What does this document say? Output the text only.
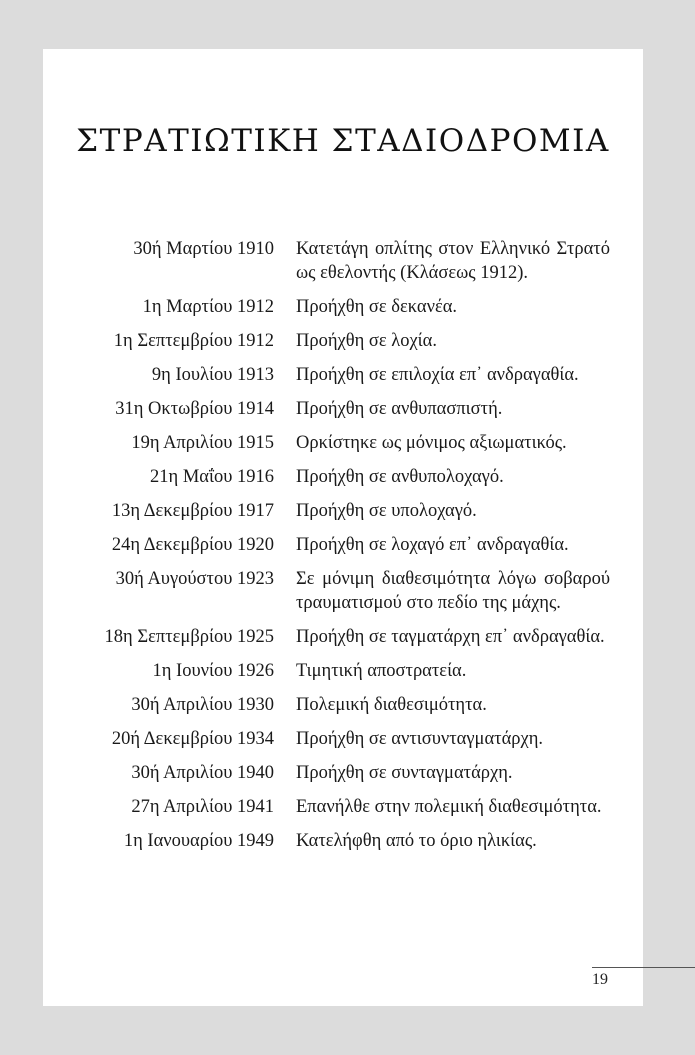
ΣΤΡΑΤΙΩΤΙΚΗ ΣΤΑΔΙΟΔΡΟΜΙΑ
30ή Μαρτίου 1910 Κατετάγη οπλίτης στον Ελληνικό Στρατό ως εθελοντής (Κλάσεως 1912).
1η Μαρτίου 1912 Προήχθη σε δεκανέα.
1η Σεπτεμβρίου 1912 Προήχθη σε λοχία.
9η Ιουλίου 1913 Προήχθη σε επιλοχία επ᾽ ανδραγαθία.
31η Οκτωβρίου 1914 Προήχθη σε ανθυπασπιστή.
19η Απριλίου 1915 Ορκίστηκε ως μόνιμος αξιωματικός.
21η Μαΐου 1916 Προήχθη σε ανθυπολοχαγό.
13η Δεκεμβρίου 1917 Προήχθη σε υπολοχαγό.
24η Δεκεμβρίου 1920 Προήχθη σε λοχαγό επ᾽ ανδραγαθία.
30ή Αυγούστου 1923 Σε μόνιμη διαθεσιμότητα λόγω σοβαρού τραυματισμού στο πεδίο της μάχης.
18η Σεπτεμβρίου 1925 Προήχθη σε ταγματάρχη επ᾽ ανδραγαθία.
1η Ιουνίου 1926 Τιμητική αποστρατεία.
30ή Απριλίου 1930 Πολεμική διαθεσιμότητα.
20ή Δεκεμβρίου 1934 Προήχθη σε αντισυνταγματάρχη.
30ή Απριλίου 1940 Προήχθη σε συνταγματάρχη.
27η Απριλίου 1941 Επανήλθε στην πολεμική διαθεσιμότητα.
1η Ιανουαρίου 1949 Κατελήφθη από το όριο ηλικίας.
19
